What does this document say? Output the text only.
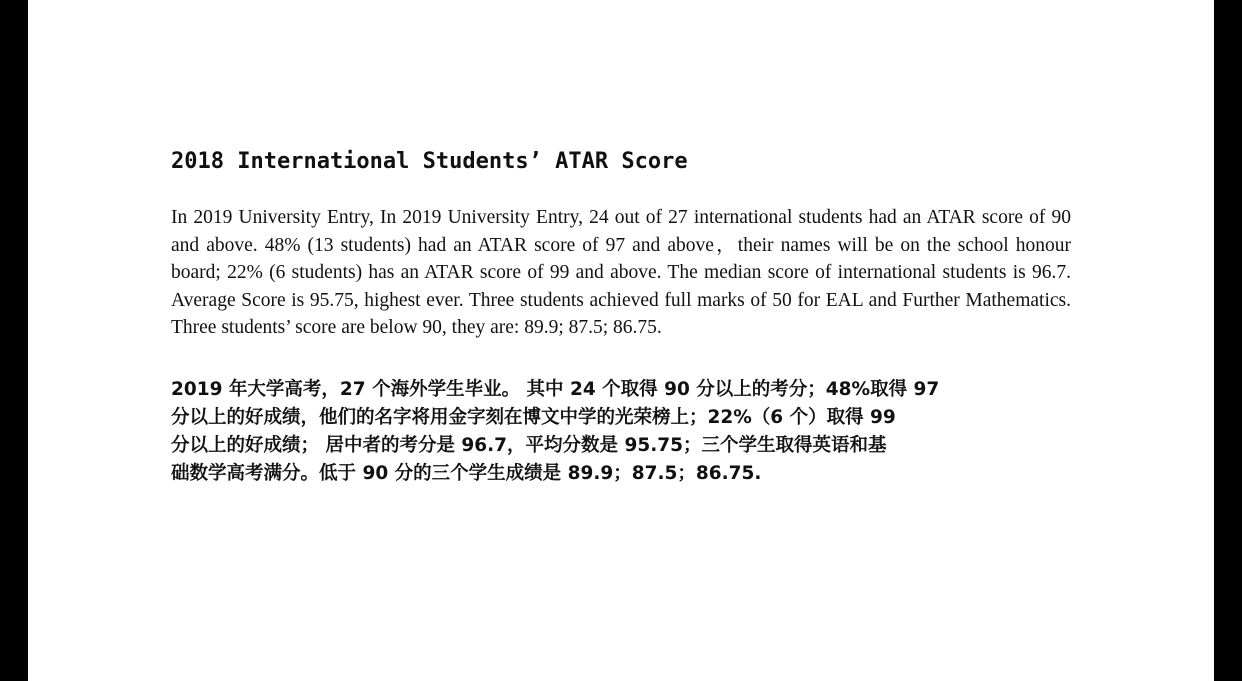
2018 International Students’ ATAR Score

In 2019 University Entry, In 2019 University Entry, 24 out of 27 international students had an ATAR score of 90 and above. 48% (13 students) had an ATAR score of 97 and above，their names will be on the school honour board; 22% (6 students) has an ATAR score of 99 and above. The median score of international students is 96.7. Average Score is 95.75, highest ever. Three students achieved full marks of 50 for EAL and Further Mathematics. Three students’ score are below 90, they are: 89.9; 87.5; 86.75.

2019 年大学高考，27 个海外学生毕业。 其中 24 个取得 90 分以上的考分；48%取得 97
分以上的好成绩，他们的名字将用金字刻在博文中学的光荣榜上；22%（6 个）取得 99
分以上的好成绩； 居中者的考分是 96.7，平均分数是 95.75；三个学生取得英语和基
础数学高考满分。低于 90 分的三个学生成绩是 89.9；87.5；86.75.
